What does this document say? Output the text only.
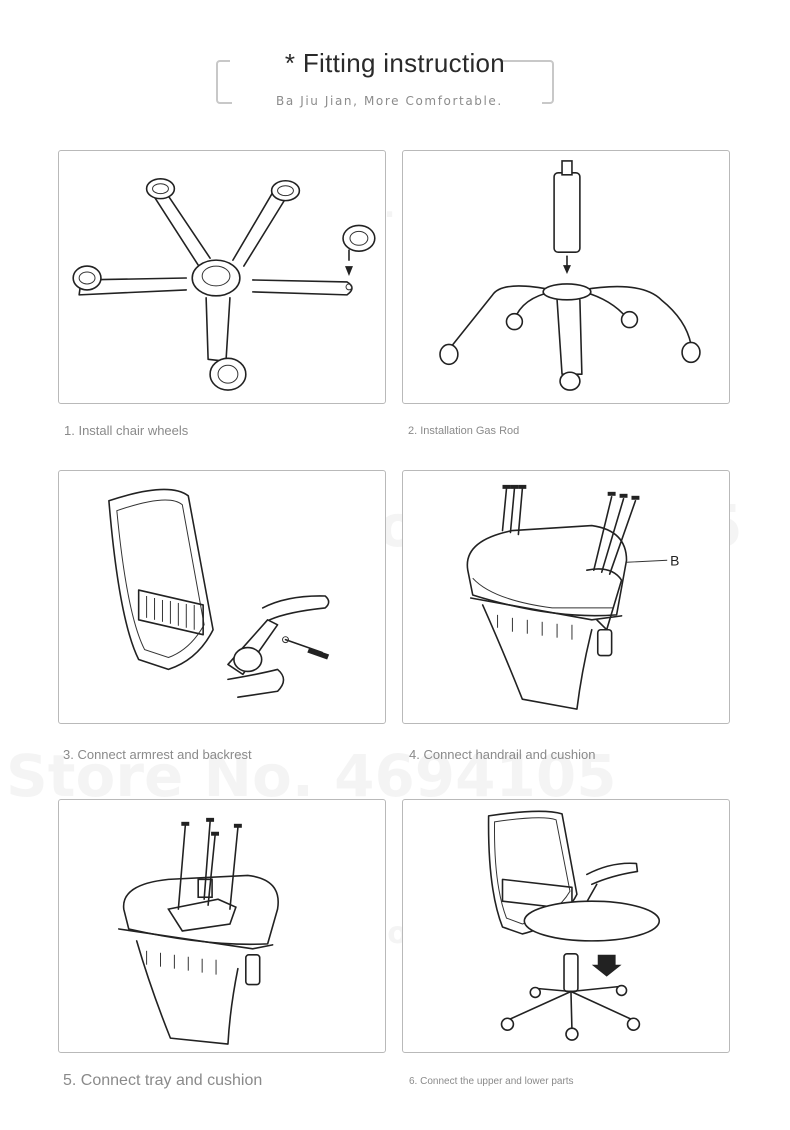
* Fitting instruction
Ba Jiu Jian, More Comfortable.
1. Install chair wheels	2. Installation Gas Rod
3. Connect armrest and backrest
B
4. Connect handrail and cushion
5. Connect tray and cushion	6. Connect the upper and lower parts
